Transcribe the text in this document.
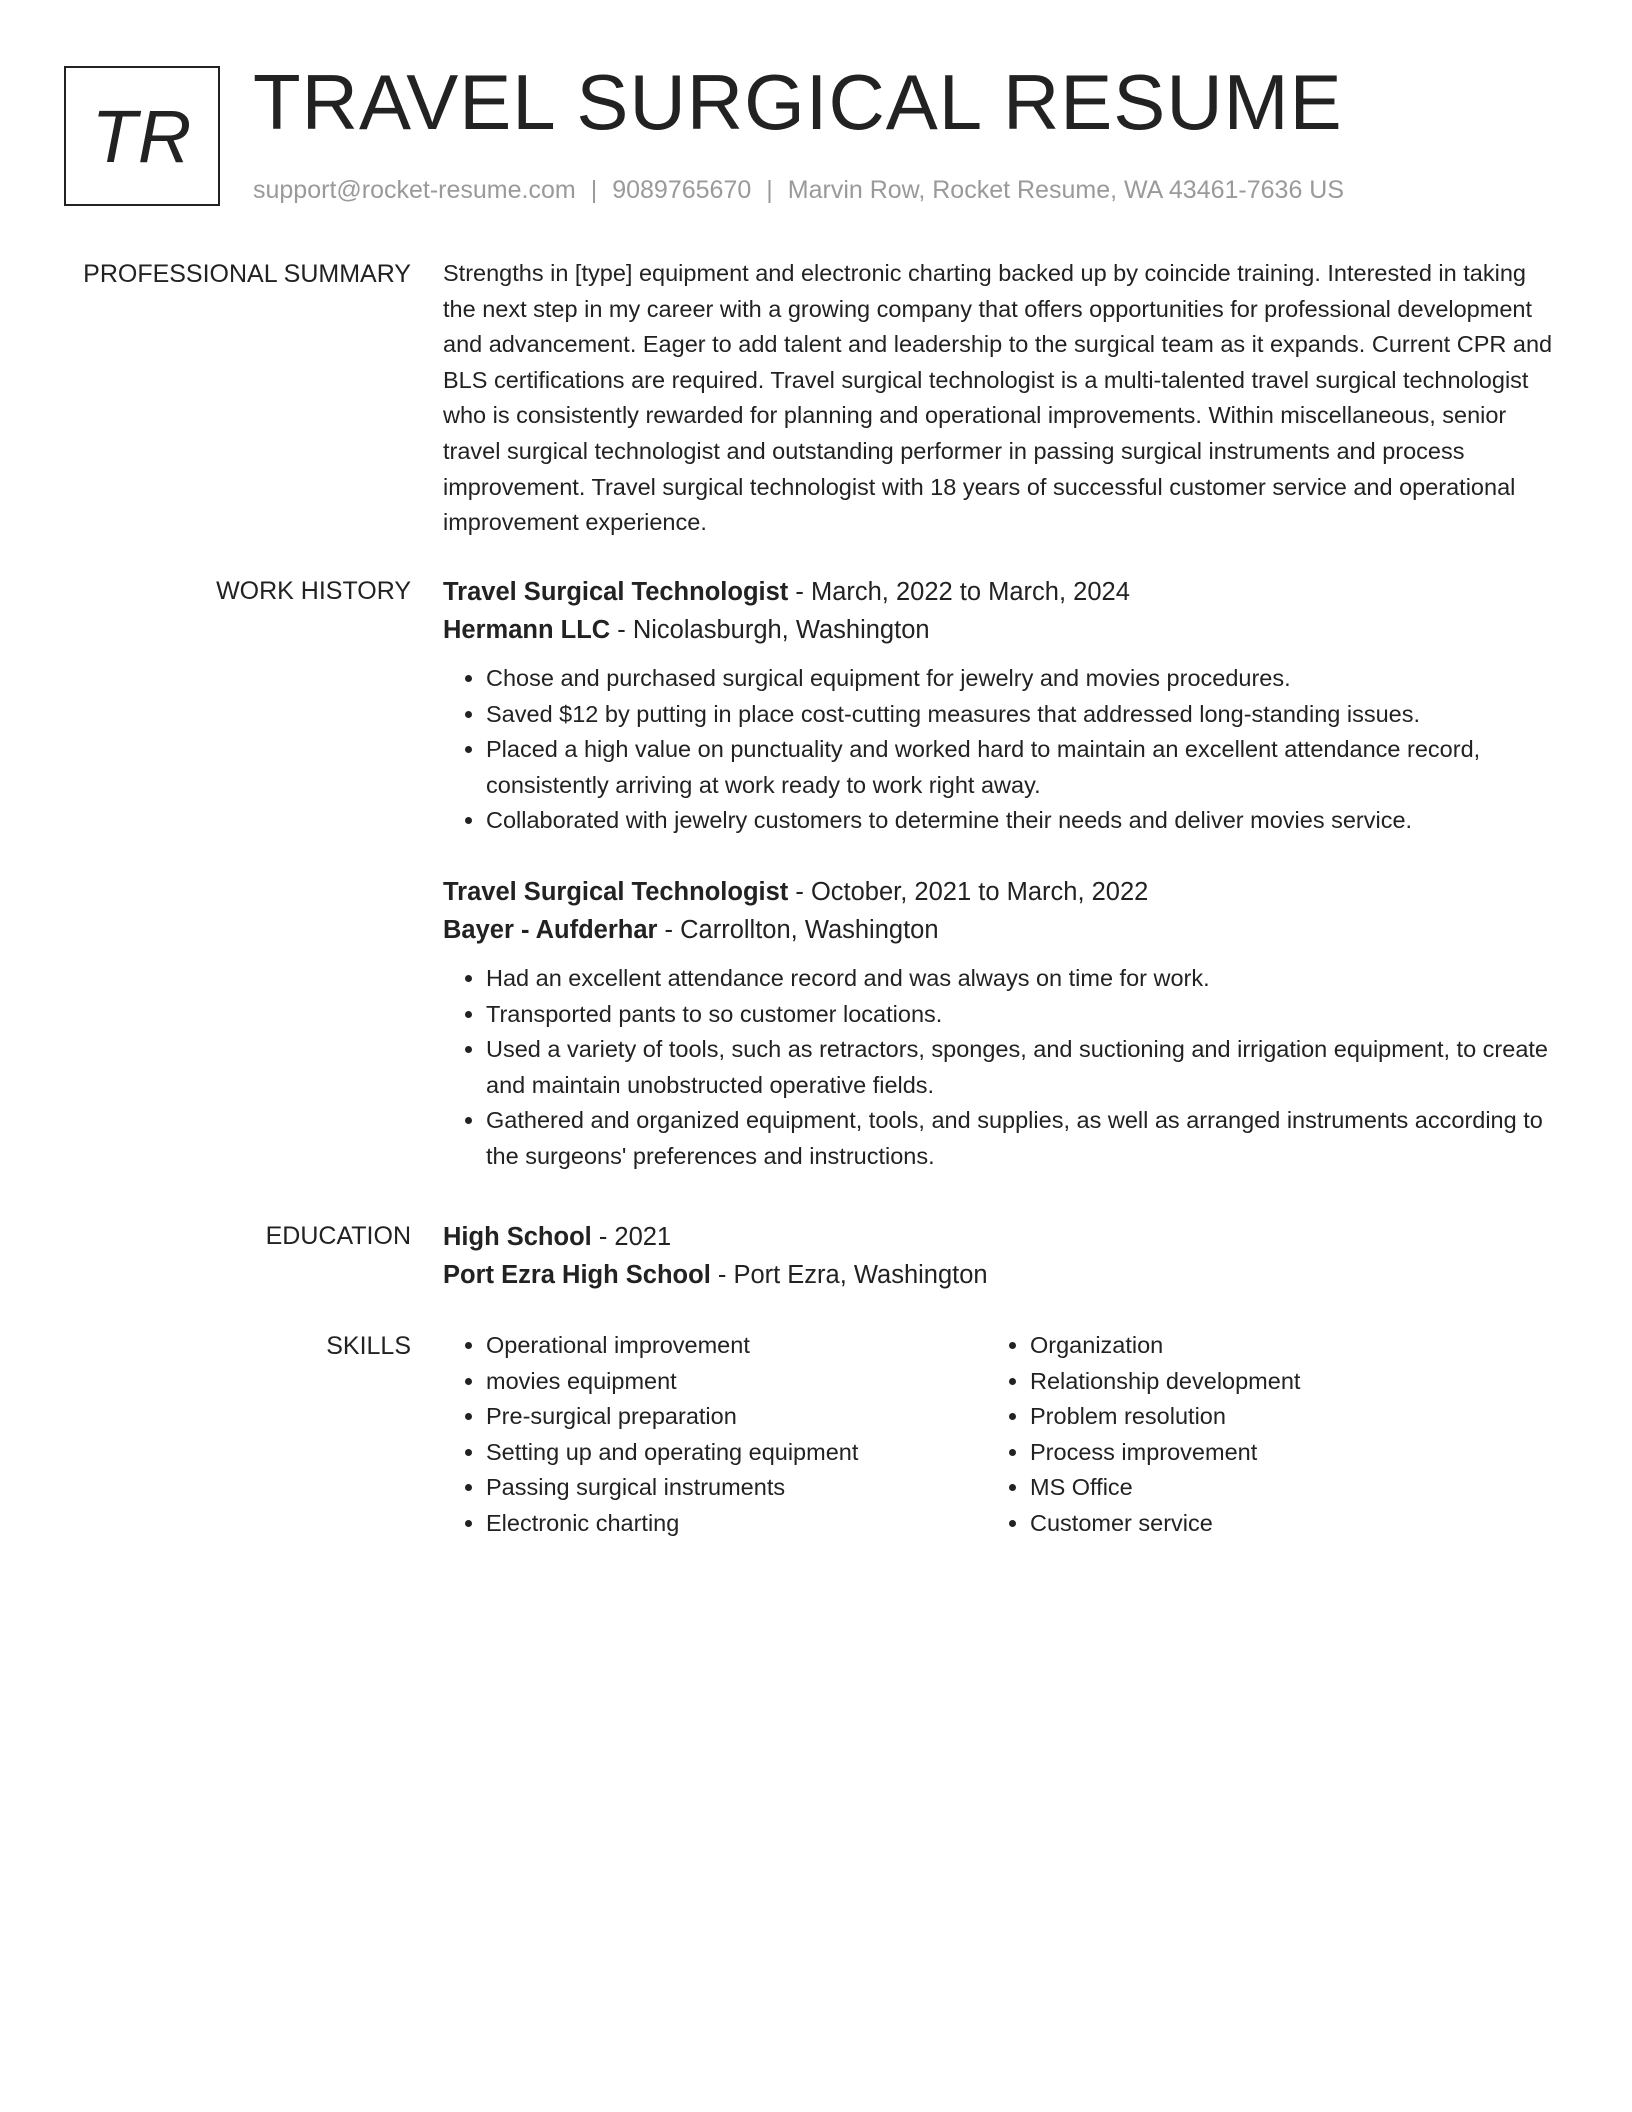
TR TRAVEL SURGICAL RESUME
support@rocket-resume.com | 9089765670 | Marvin Row, Rocket Resume, WA 43461-7636 US
PROFESSIONAL SUMMARY Strengths in [type] equipment and electronic charting backed up by coincide training. Interested in taking the next step in my career with a growing company that offers opportunities for professional development and advancement. Eager to add talent and leadership to the surgical team as it expands. Current CPR and BLS certifications are required. Travel surgical technologist is a multi-talented travel surgical technologist who is consistently rewarded for planning and operational improvements. Within miscellaneous, senior travel surgical technologist and outstanding performer in passing surgical instruments and process improvement. Travel surgical technologist with 18 years of successful customer service and operational improvement experience.

WORK HISTORY Travel Surgical Technologist - March, 2022 to March, 2024
Hermann LLC - Nicolasburgh, Washington
• Chose and purchased surgical equipment for jewelry and movies procedures.
• Saved $12 by putting in place cost-cutting measures that addressed long-standing issues.
• Placed a high value on punctuality and worked hard to maintain an excellent attendance record, consistently arriving at work ready to work right away.
• Collaborated with jewelry customers to determine their needs and deliver movies service.
Travel Surgical Technologist - October, 2021 to March, 2022
Bayer - Aufderhar - Carrollton, Washington
• Had an excellent attendance record and was always on time for work.
• Transported pants to so customer locations.
• Used a variety of tools, such as retractors, sponges, and suctioning and irrigation equipment, to create and maintain unobstructed operative fields.
• Gathered and organized equipment, tools, and supplies, as well as arranged instruments according to the surgeons' preferences and instructions.
EDUCATION High School - 2021
Port Ezra High School - Port Ezra, Washington
SKILLS
•	Operational improvement
• movies equipment
• Pre-surgical preparation
• Setting up and operating equipment
• Passing surgical instruments
• Electronic charting
• Organization
• Relationship development
• Problem resolution
• Process improvement
• MS Office
• Customer service
